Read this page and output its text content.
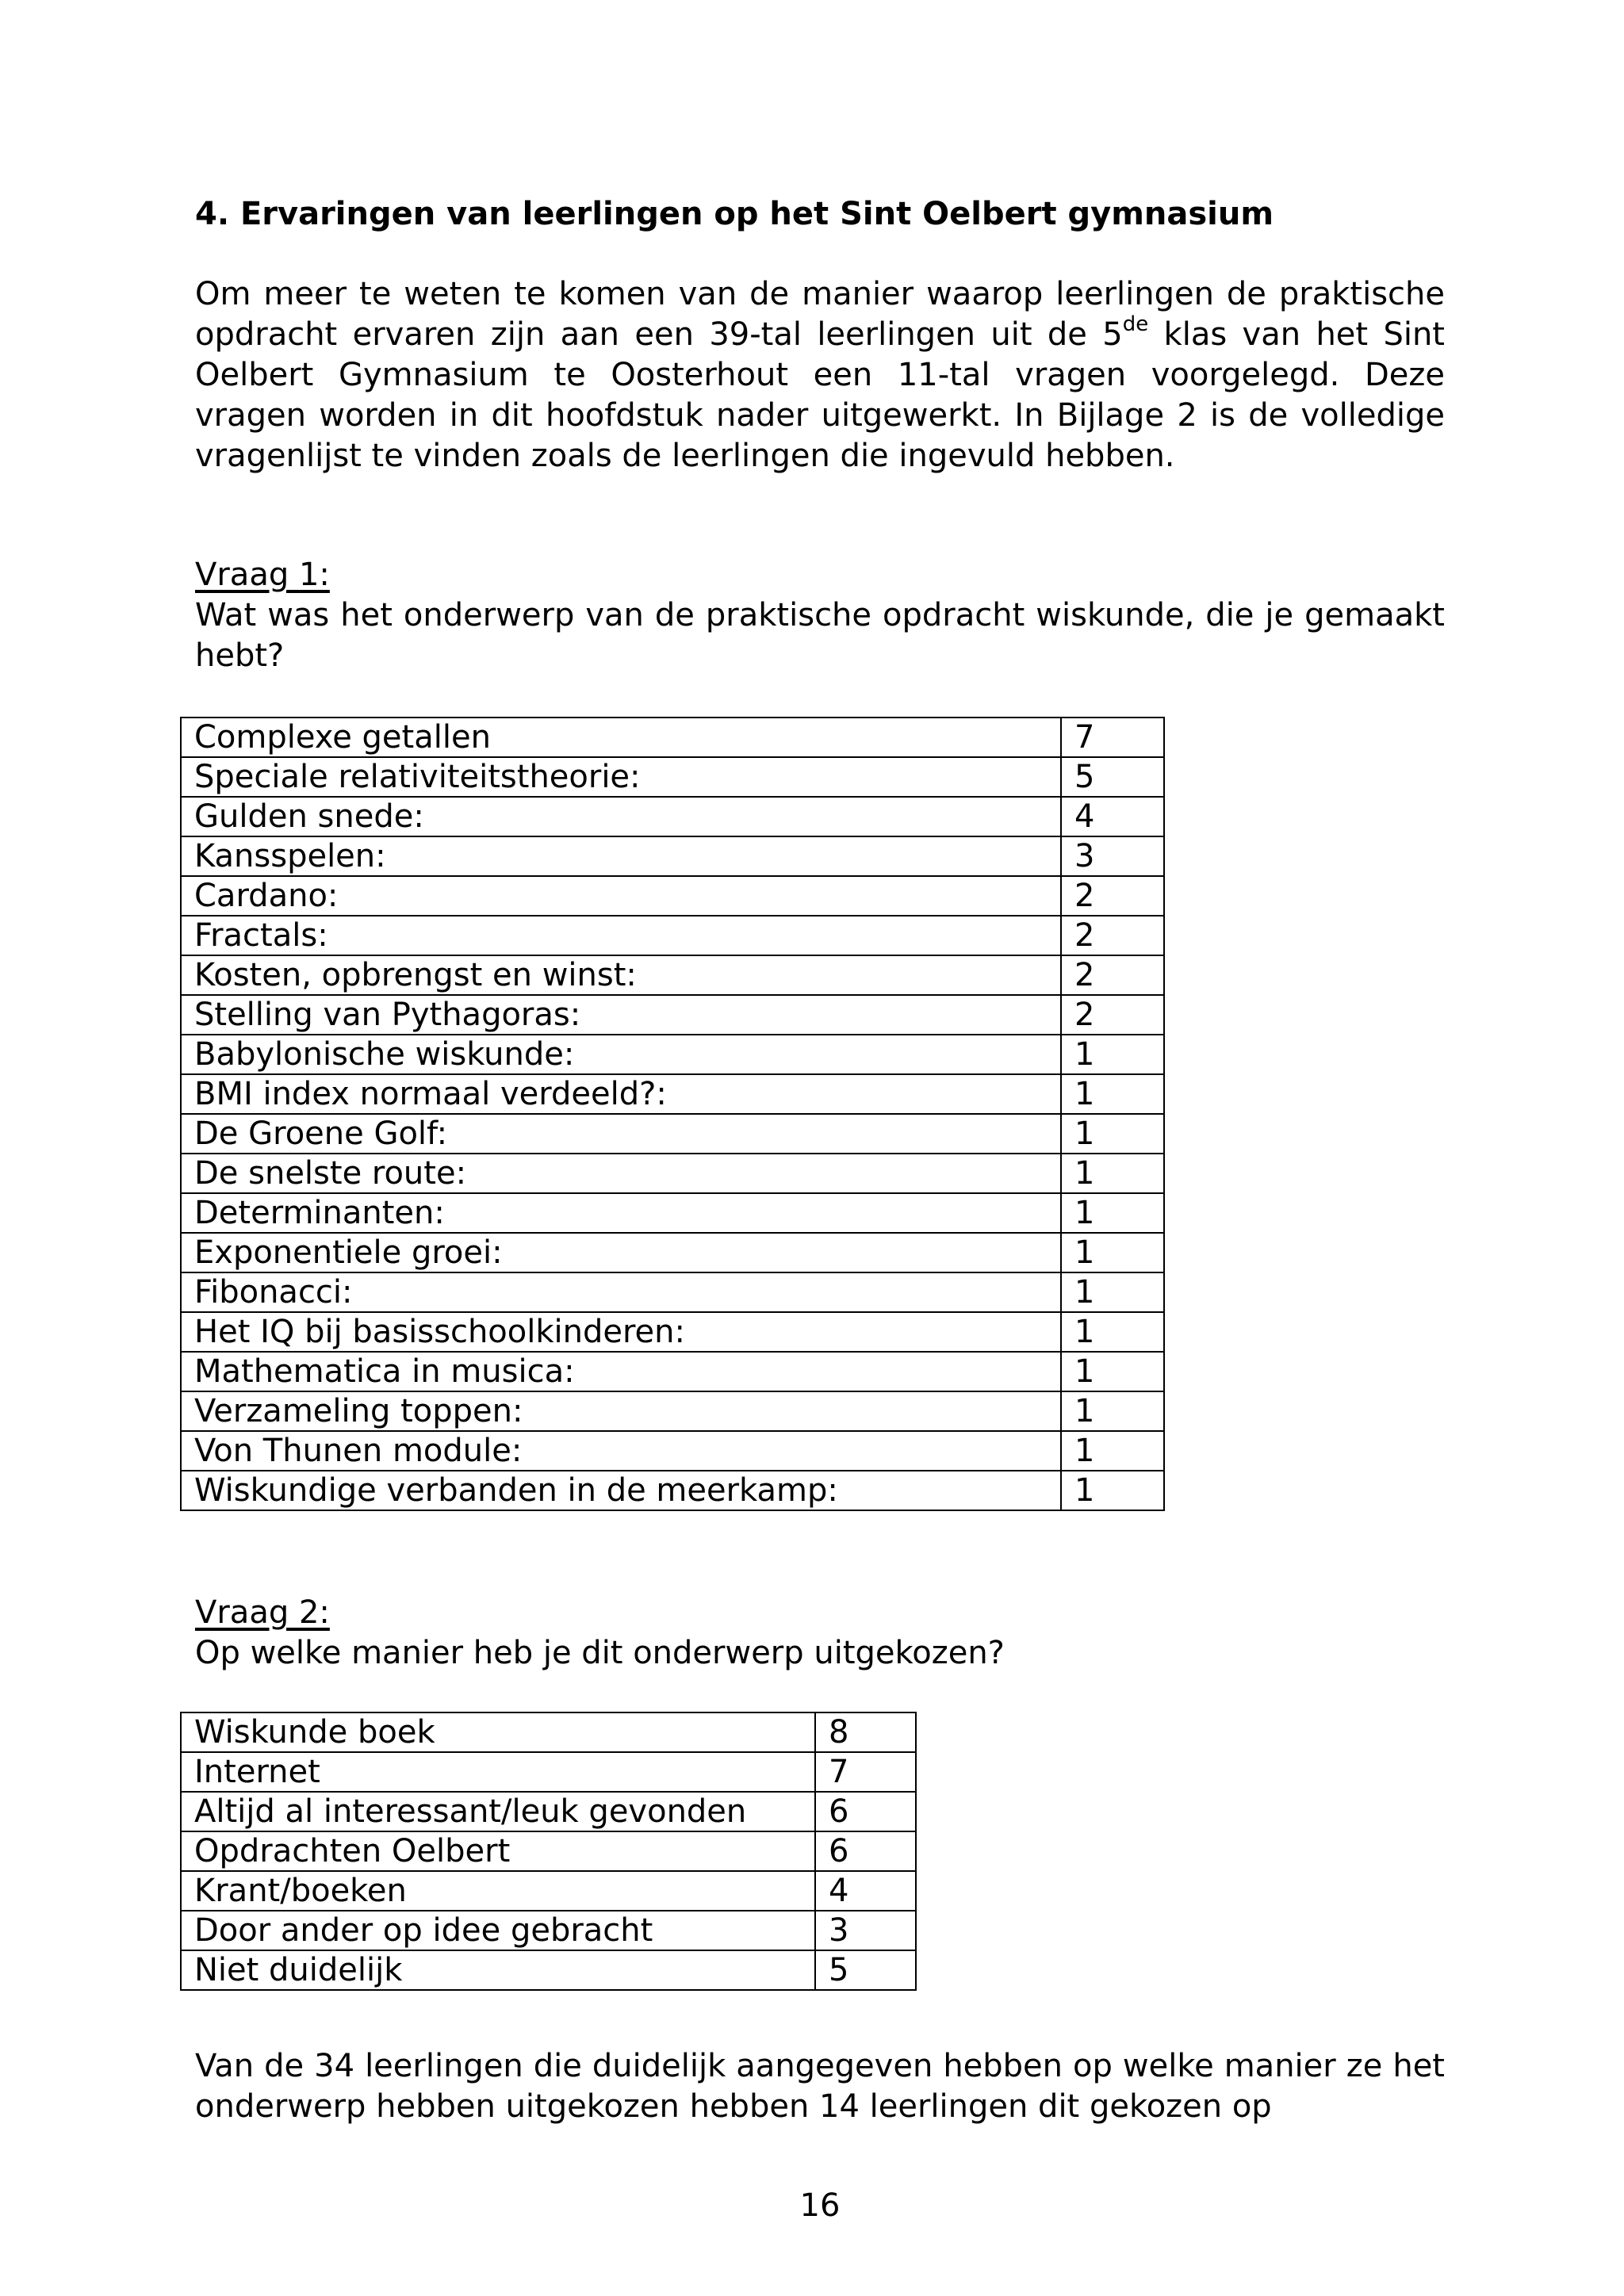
4. Ervaringen van leerlingen op het Sint Oelbert gymnasium
Om meer te weten te komen van de manier waarop leerlingen de praktische opdracht ervaren zijn aan een 39-tal leerlingen uit de 5de klas van het Sint Oelbert Gymnasium te Oosterhout een 11-tal vragen voorgelegd. Deze vragen worden in dit hoofdstuk nader uitgewerkt. In Bijlage 2 is de volledige vragenlijst te vinden zoals de leerlingen die ingevuld hebben.
Vraag 1:
Wat was het onderwerp van de praktische opdracht wiskunde, die je gemaakt hebt?
Complexe getallen	7
Speciale relativiteitstheorie:	5
Gulden snede:	4
Kansspelen:	3
Cardano:	2
Fractals:	2
Kosten, opbrengst en winst:	2
Stelling van Pythagoras:	2
Babylonische wiskunde:	1
BMI index normaal verdeeld?:	1
De Groene Golf:	1
De snelste route:	1
Determinanten:	1
Exponentiele groei:	1
Fibonacci:	1
Het IQ bij basisschoolkinderen:	1
Mathematica in musica:	1
Verzameling toppen:	1
Von Thunen module:	1
Wiskundige verbanden in de meerkamp:	1
Vraag 2:
Op welke manier heb je dit onderwerp uitgekozen?
Wiskunde boek	8
Internet	7
Altijd al interessant/leuk gevonden	6
Opdrachten Oelbert	6
Krant/boeken	4
Door ander op idee gebracht	3
Niet duidelijk	5
Van de 34 leerlingen die duidelijk aangegeven hebben op welke manier ze het onderwerp hebben uitgekozen hebben 14 leerlingen dit gekozen op
16
